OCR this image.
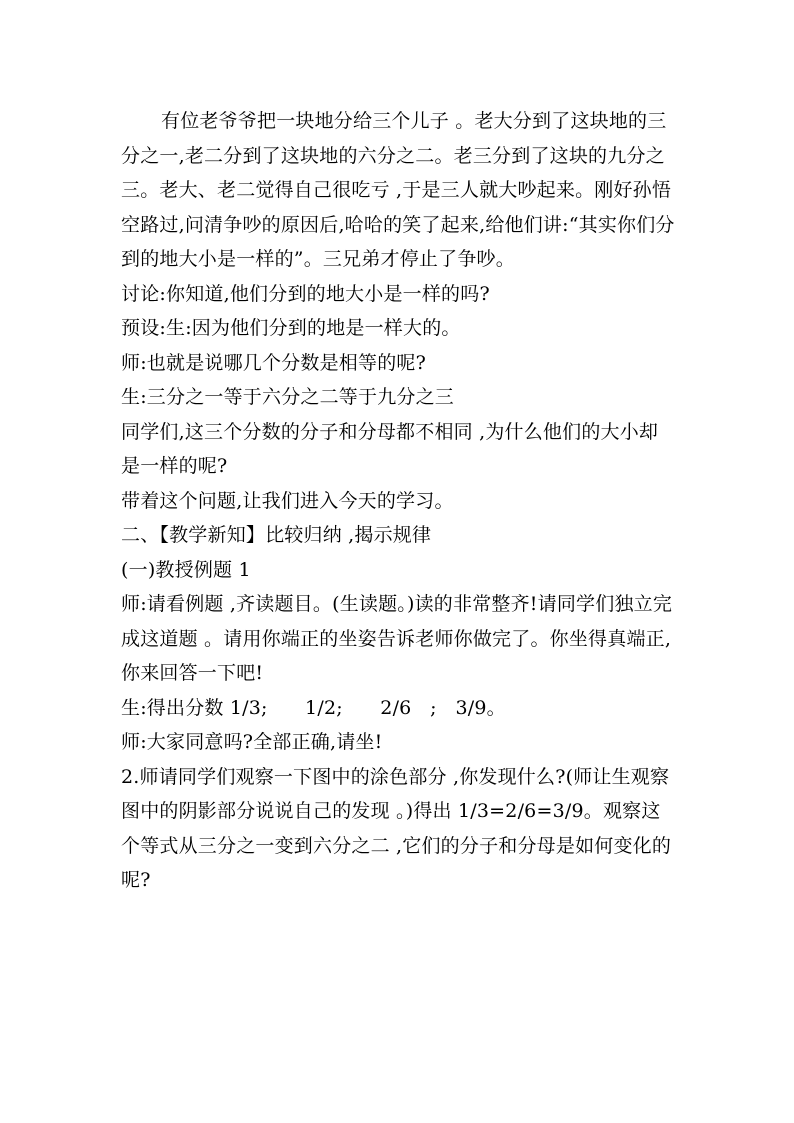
有位老爷爷把一块地分给三个儿子 。老大分到了这块地的三分之一,老二分到了这块地的六分之二。老三分到了这块的九分之三。老大、老二觉得自己很吃亏 ,于是三人就大吵起来。刚好孙悟空路过,问清争吵的原因后,哈哈的笑了起来,给他们讲:“其实你们分到的地大小是一样的”。三兄弟才停止了争吵。

讨论:你知道,他们分到的地大小是一样的吗?

预设:生:因为他们分到的地是一样大的。

师:也就是说哪几个分数是相等的呢?

生:三分之一等于六分之二等于九分之三

同学们,这三个分数的分子和分母都不相同 ,为什么他们的大小却是一样的呢?

带着这个问题,让我们进入今天的学习。

二、【教学新知】比较归纳 ,揭示规律

(一)教授例题 1

师:请看例题 ,齐读题目。(生读题。)读的非常整齐!请同学们独立完成这道题 。请用你端正的坐姿告诉老师你做完了。你坐得真端正,你来回答一下吧!

生:得出分数 1/3;      1/2;      2/6   ;   3/9。

师:大家同意吗?全部正确,请坐!

2.师请同学们观察一下图中的涂色部分 ,你发现什么?(师让生观察图中的阴影部分说说自己的发现 。)得出 1/3=2/6=3/9。观察这个等式从三分之一变到六分之二 ,它们的分子和分母是如何变化的呢?
